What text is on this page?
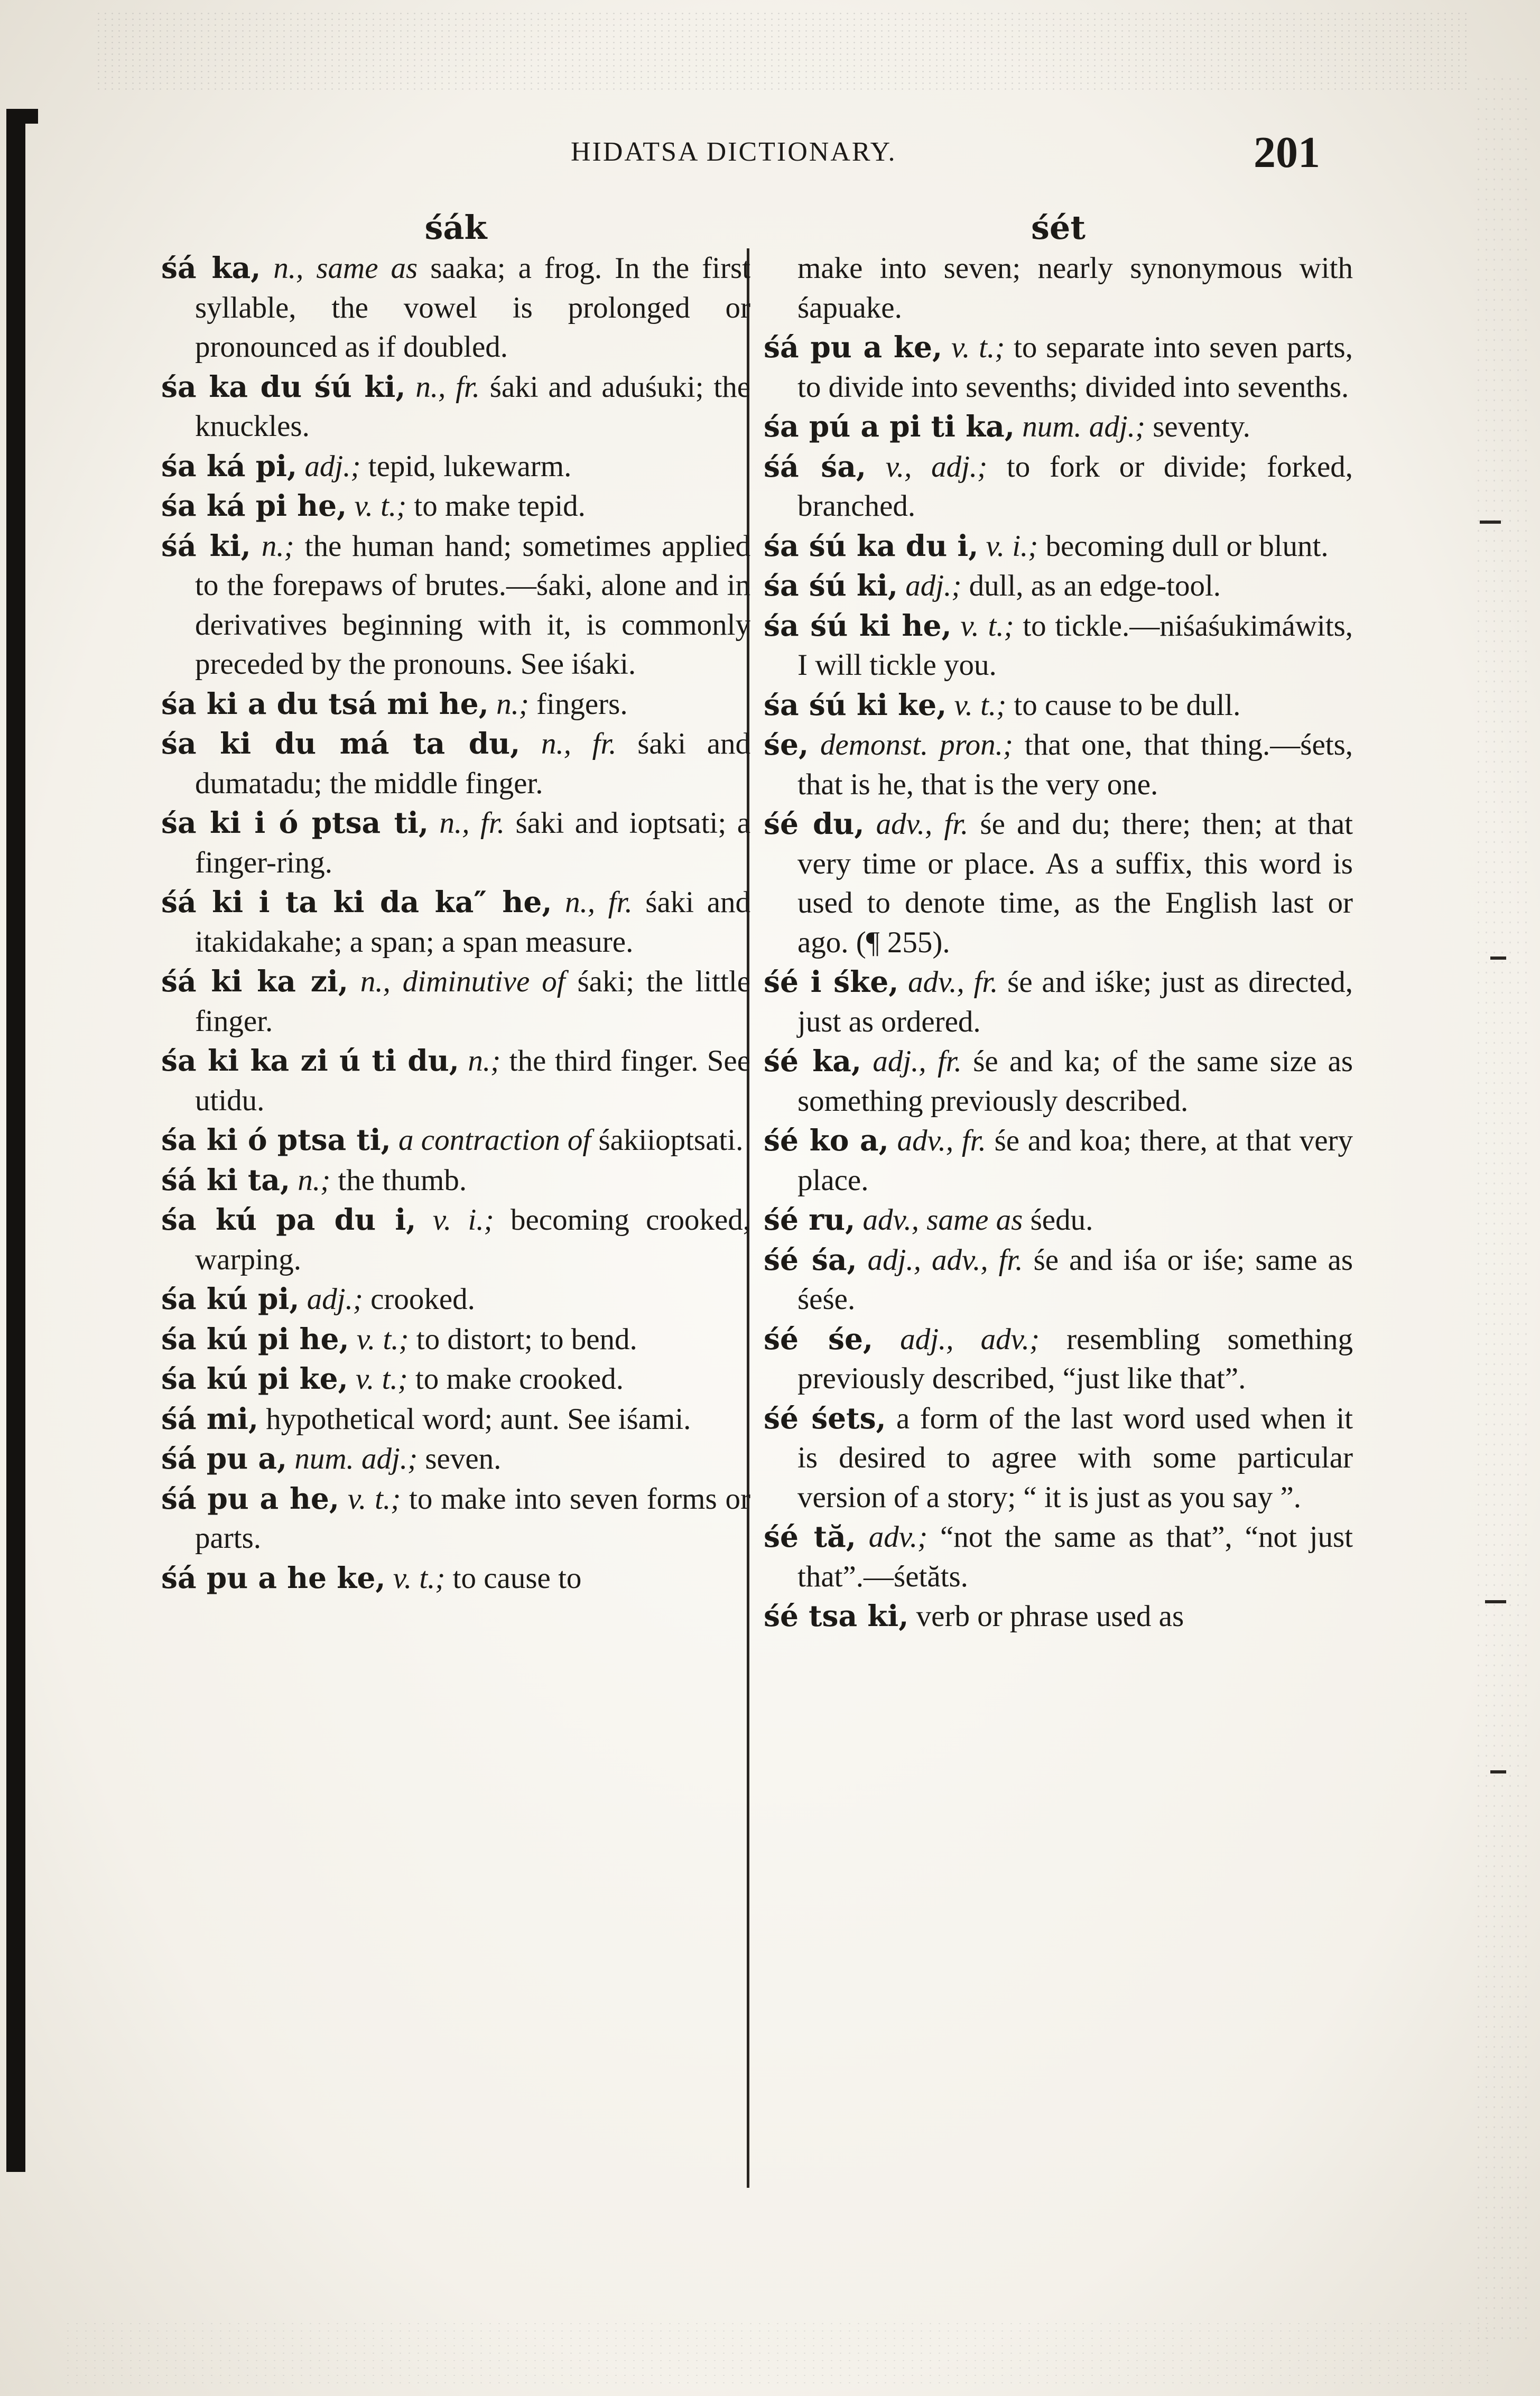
HIDATSA DICTIONARY.	201
śák
śá ka, n., same as saaka; a frog. In the first syllable, the vowel is prolonged or pronounced as if doubled.
śa ka du śú ki, n., fr. śaki and aduśuki; the knuckles.
śa ká pi, adj.; tepid, lukewarm.
śa ká pi he, v. t.; to make tepid.
śá ki, n.; the human hand; sometimes applied to the forepaws of brutes.—śaki, alone and in derivatives beginning with it, is commonly preceded by the pronouns. See iśaki.
śa ki a du tsá mi he, n.; fingers.
śa ki du má ta du, n., fr. śaki and dumatadu; the middle finger.
śa ki i ó ptsa ti, n., fr. śaki and ioptsati; a finger-ring.
śá ki i ta ki da ka″ he, n., fr. śaki and itakidakahe; a span; a span measure.
śá ki ka zi, n., diminutive of śaki; the little finger.
śa ki ka zi ú ti du, n.; the third finger. See utidu.
śa ki ó ptsa ti, a contraction of śakiioptsati.
śá ki ta, n.; the thumb.
śa kú pa du i, v. i.; becoming crooked, warping.
śa kú pi, adj.; crooked.
śa kú pi he, v. t.; to distort; to bend.
śa kú pi ke, v. t.; to make crooked.
śá mi, hypothetical word; aunt. See iśami.
śá pu a, num. adj.; seven.
śá pu a he, v. t.; to make into seven forms or parts.
śá pu a he ke, v. t.; to cause to
śét
make into seven; nearly synonymous with śapuake.
śá pu a ke, v. t.; to separate into seven parts, to divide into sevenths; divided into sevenths.
śa pú a pi ti ka, num. adj.; seventy.
śá śa, v., adj.; to fork or divide; forked, branched.
śa śú ka du i, v. i.; becoming dull or blunt.
śa śú ki, adj.; dull, as an edge-tool.
śa śú ki he, v. t.; to tickle.—niśaśukimáwits, I will tickle you.
śa śú ki ke, v. t.; to cause to be dull.
śe, demonst. pron.; that one, that thing.—śets, that is he, that is the very one.
śé du, adv., fr. śe and du; there; then; at that very time or place. As a suffix, this word is used to denote time, as the English last or ago. (¶ 255).
śé i śke, adv., fr. śe and iśke; just as directed, just as ordered.
śé ka, adj., fr. śe and ka; of the same size as something previously described.
śé ko a, adv., fr. śe and koa; there, at that very place.
śé ru, adv., same as śedu.
śé śa, adj., adv., fr. śe and iśa or iśe; same as śeśe.
śé śe, adj., adv.; resembling something previously described, “just like that”.
śé śets, a form of the last word used when it is desired to agree with some particular version of a story; “ it is just as you say ”.
śé tă, adv.; “not the same as that”, “not just that”.—śetăts.
śé tsa ki, verb or phrase used as
